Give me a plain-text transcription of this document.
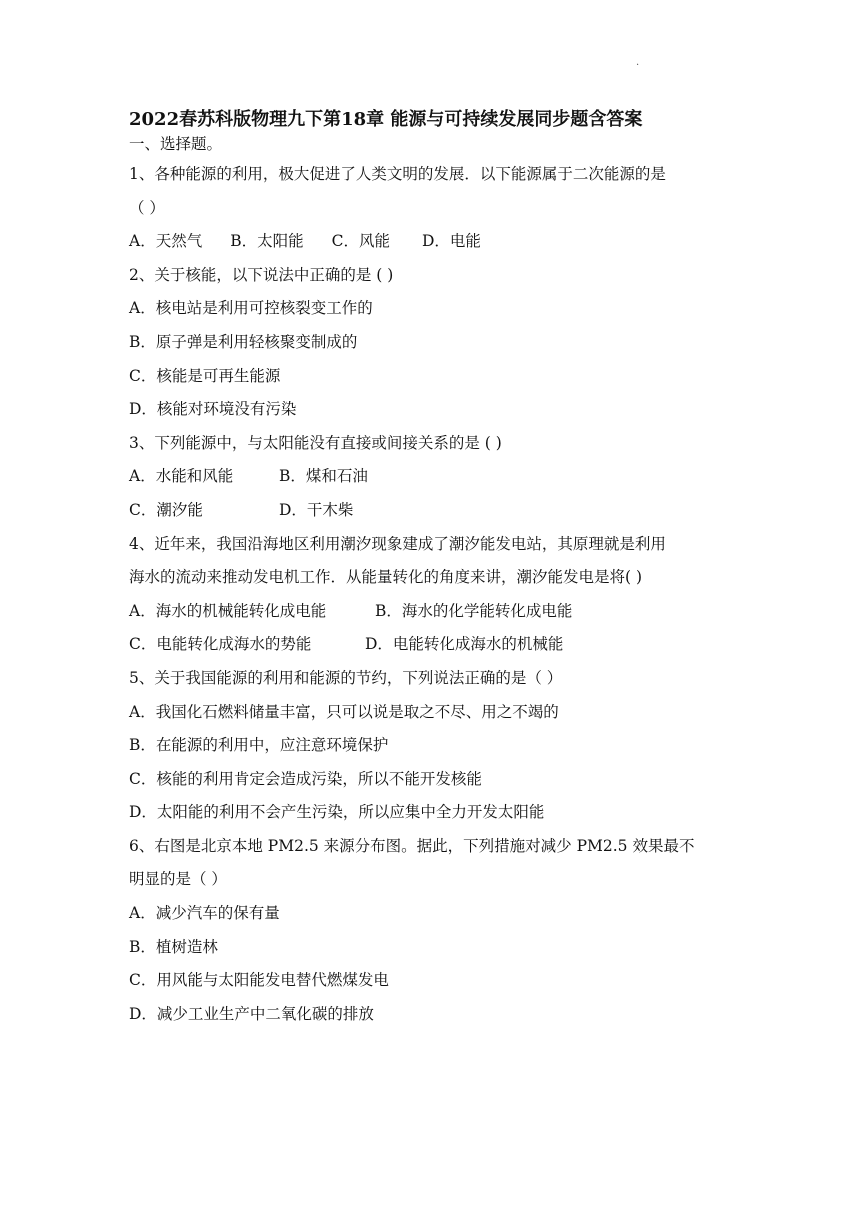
.
2022春苏科版物理九下第18章 能源与可持续发展同步题含答案
一、选择题。
1、各种能源的利用，极大促进了人类文明的发展．以下能源属于二次能源的是
（ ）
A．天然气 B．太阳能 C．风能 D．电能
2、关于核能，以下说法中正确的是 ( )
A．核电站是利用可控核裂变工作的
B．原子弹是利用轻核聚变制成的
C．核能是可再生能源
D．核能对环境没有污染
3、下列能源中，与太阳能没有直接或间接关系的是 ( )
A．水能和风能	B．煤和石油
C．潮汐能	D．干木柴
4、近年来，我国沿海地区利用潮汐现象建成了潮汐能发电站，其原理就是利用
海水的流动来推动发电机工作．从能量转化的角度来讲，潮汐能发电是将( )
A．海水的机械能转化成电能	B．海水的化学能转化成电能
C．电能转化成海水的势能	D．电能转化成海水的机械能
5、关于我国能源的利用和能源的节约，下列说法正确的是（ ）
A．我国化石燃料储量丰富，只可以说是取之不尽、用之不竭的
B．在能源的利用中，应注意环境保护
C．核能的利用肯定会造成污染，所以不能开发核能
D．太阳能的利用不会产生污染，所以应集中全力开发太阳能
6、右图是北京本地 PM2.5 来源分布图。据此，下列措施对减少 PM2.5 效果最不
明显的是（ ）
A．减少汽车的保有量
B．植树造林
C．用风能与太阳能发电替代燃煤发电
D．减少工业生产中二氧化碳的排放
